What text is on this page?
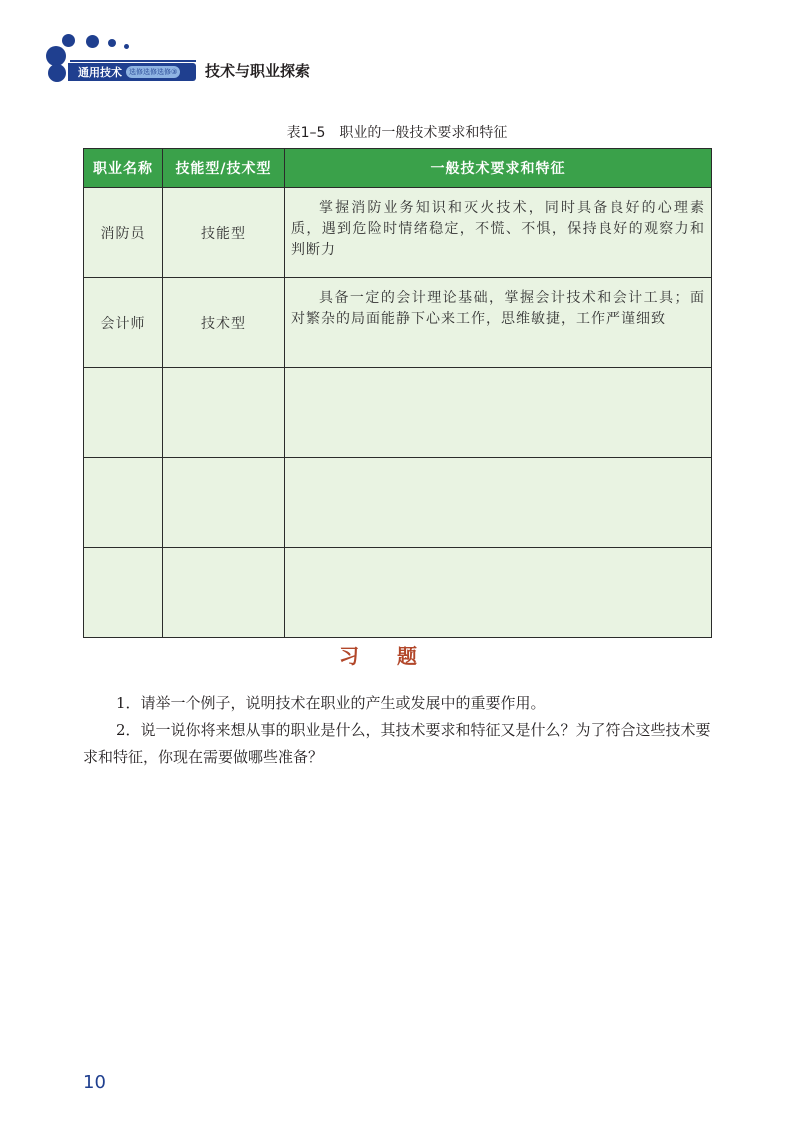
通用技术	选修选修选修③ 技术与职业探索
表1–5　职业的一般技术要求和特征
职业名称	技能型/技术型	一般技术要求和特征
消防员	技能型	掌握消防业务知识和灭火技术，同时具备良好的心理素质，遇到危险时情绪稳定，不慌、不惧，保持良好的观察力和判断力
会计师	技术型	具备一定的会计理论基础，掌握会计技术和会计工具；面对繁杂的局面能静下心来工作，思维敏捷，工作严谨细致

习题

1．请举一个例子，说明技术在职业的产生或发展中的重要作用。

2．说一说你将来想从事的职业是什么，其技术要求和特征又是什么？为了符合这些技术要求和特征，你现在需要做哪些准备？

10
